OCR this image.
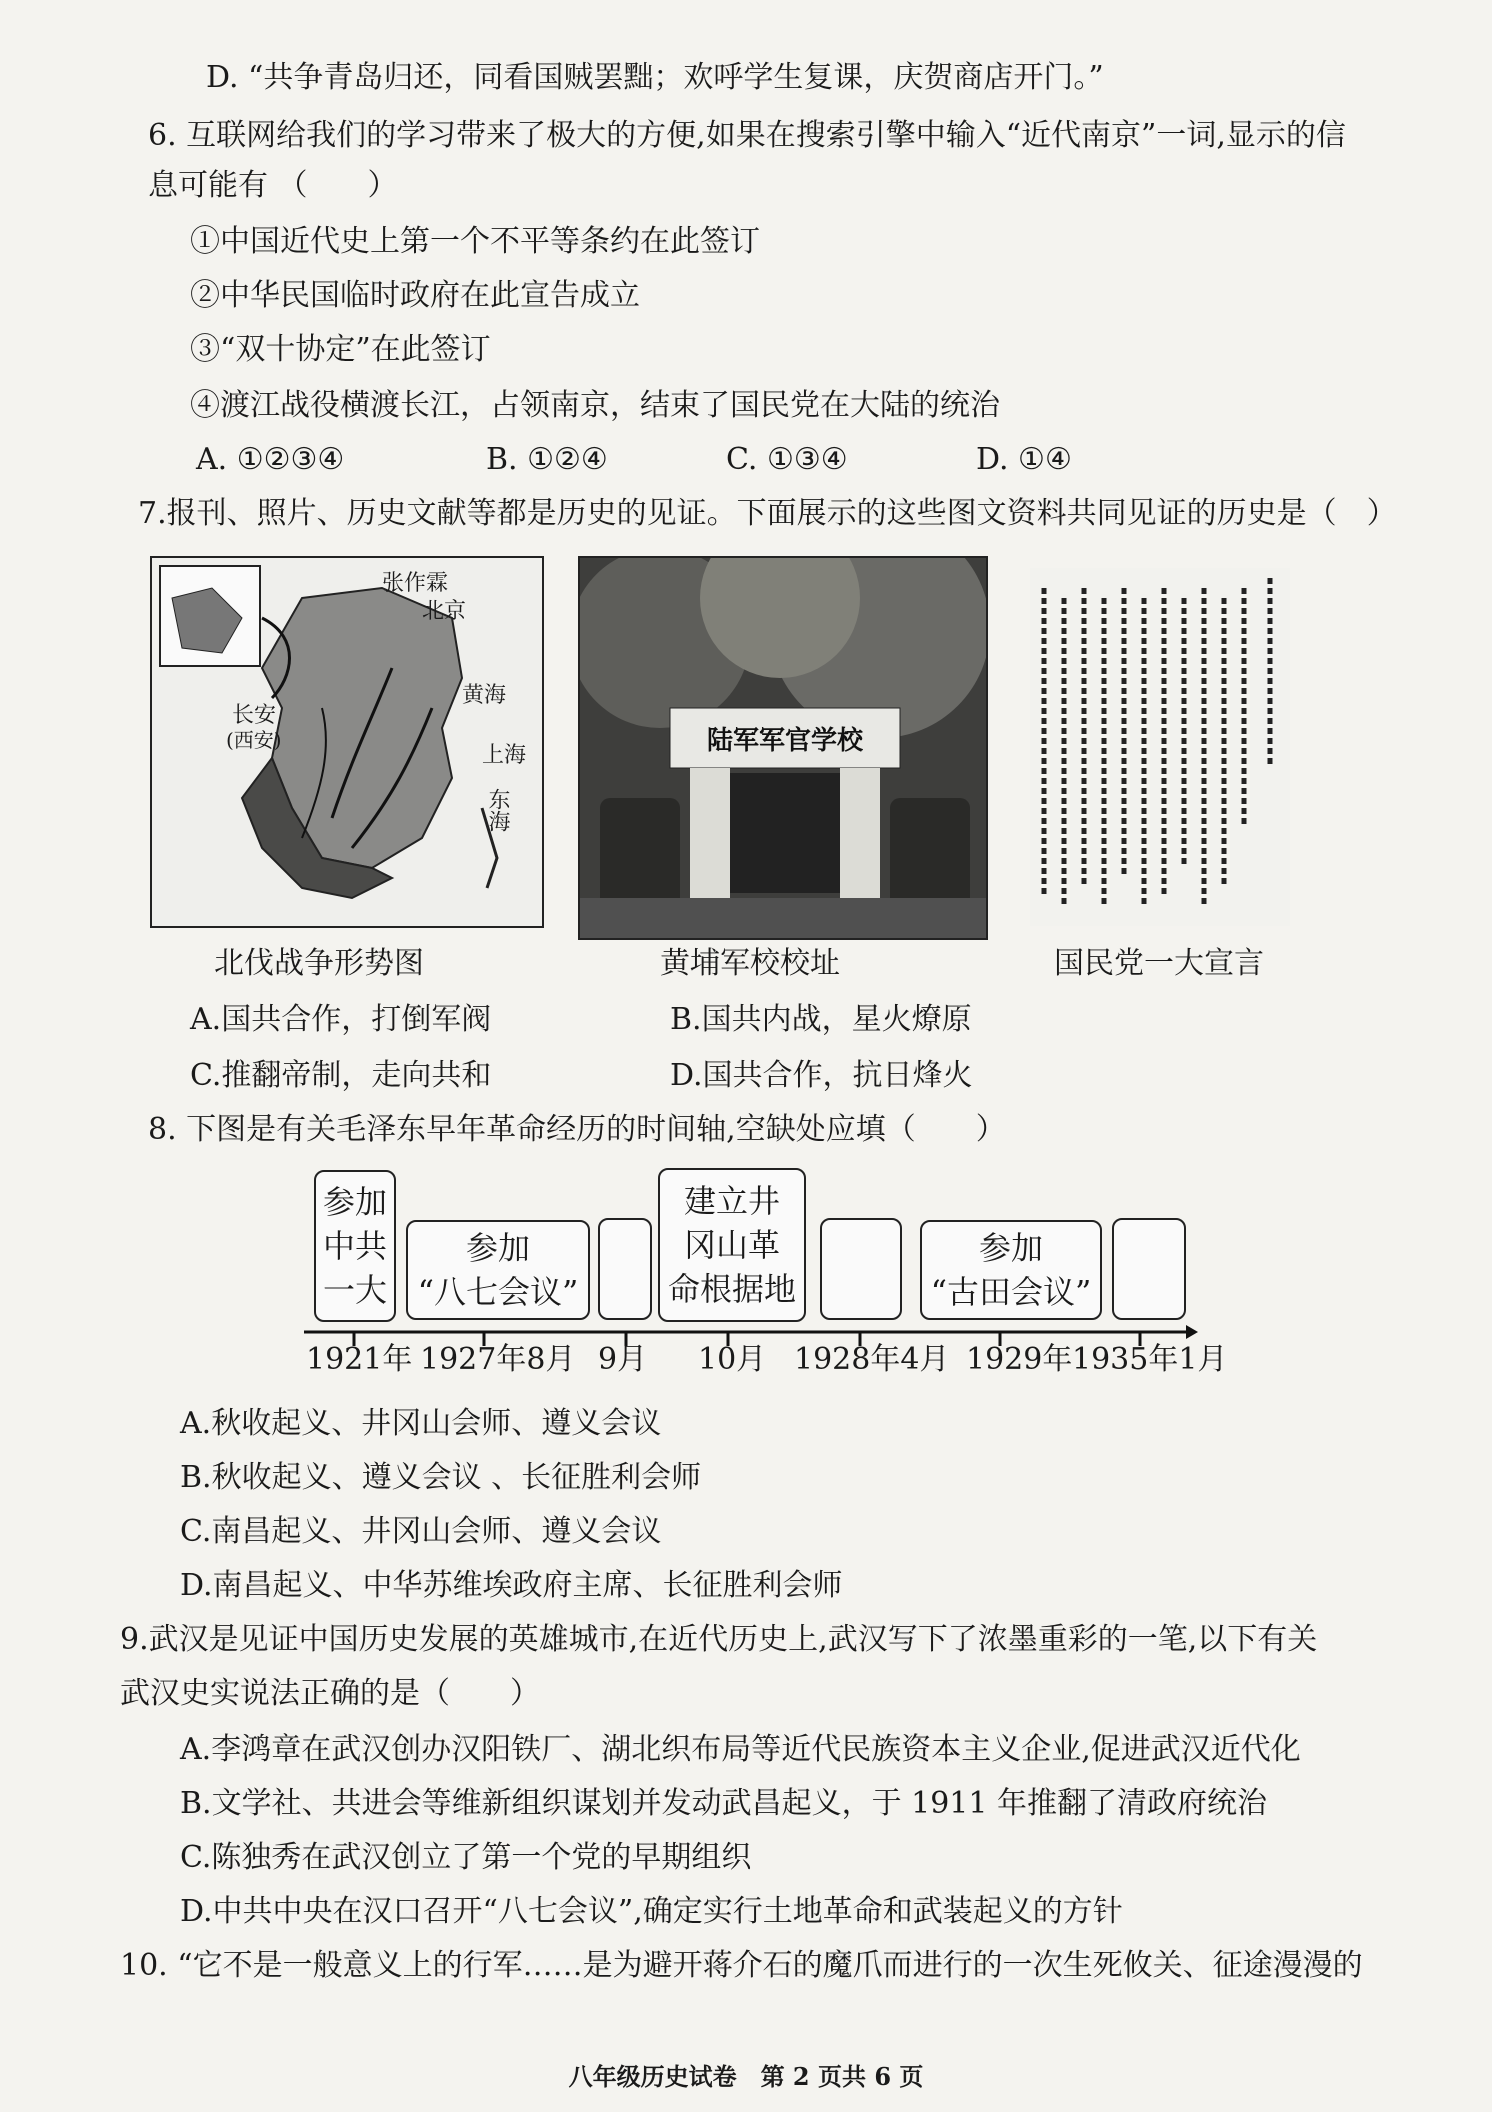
D. “共争青岛归还，同看国贼罢黜；欢呼学生复课，庆贺商店开门。”
6. 互联网给我们的学习带来了极大的方便,如果在搜索引擎中输入“近代南京”一词,显示的信
息可能有 （　　）
①中国近代史上第一个不平等条约在此签订
②中华民国临时政府在此宣告成立
③“双十协定”在此签订
④渡江战役横渡长江，占领南京，结束了国民党在大陆的统治
A. ①②③④	B. ①②④	C. ①③④	D. ①④
7.报刊、照片、历史文献等都是历史的见证。下面展示的这些图文资料共同见证的历史是（　）
张作霖
北京
黄海
长安
(西安)
上海
东海
陆军军官学校
北伐战争形势图	黄埔军校校址	国民党一大宣言
A.国共合作，打倒军阀	B.国共内战，星火燎原
C.推翻帝制，走向共和	D.国共合作，抗日烽火
8. 下图是有关毛泽东早年革命经历的时间轴,空缺处应填（　　）
参加
中共
一大
参加
“八七会议”
建立井
冈山革
命根据地
参加
“古田会议”
1921年 1927年8月 9月 10月 1928年4月 1929年 1935年1月
A.秋收起义、井冈山会师、遵义会议
B.秋收起义、遵义会议 、长征胜利会师
C.南昌起义、井冈山会师、遵义会议
D.南昌起义、中华苏维埃政府主席、长征胜利会师
9.武汉是见证中国历史发展的英雄城市,在近代历史上,武汉写下了浓墨重彩的一笔,以下有关
武汉史实说法正确的是（　　）
A.李鸿章在武汉创办汉阳铁厂、湖北织布局等近代民族资本主义企业,促进武汉近代化
B.文学社、共进会等维新组织谋划并发动武昌起义，于 1911 年推翻了清政府统治
C.陈独秀在武汉创立了第一个党的早期组织
D.中共中央在汉口召开“八七会议”,确定实行土地革命和武装起义的方针
10. “它不是一般意义上的行军……是为避开蒋介石的魔爪而进行的一次生死攸关、征途漫漫的
八年级历史试卷　第 2 页共 6 页
